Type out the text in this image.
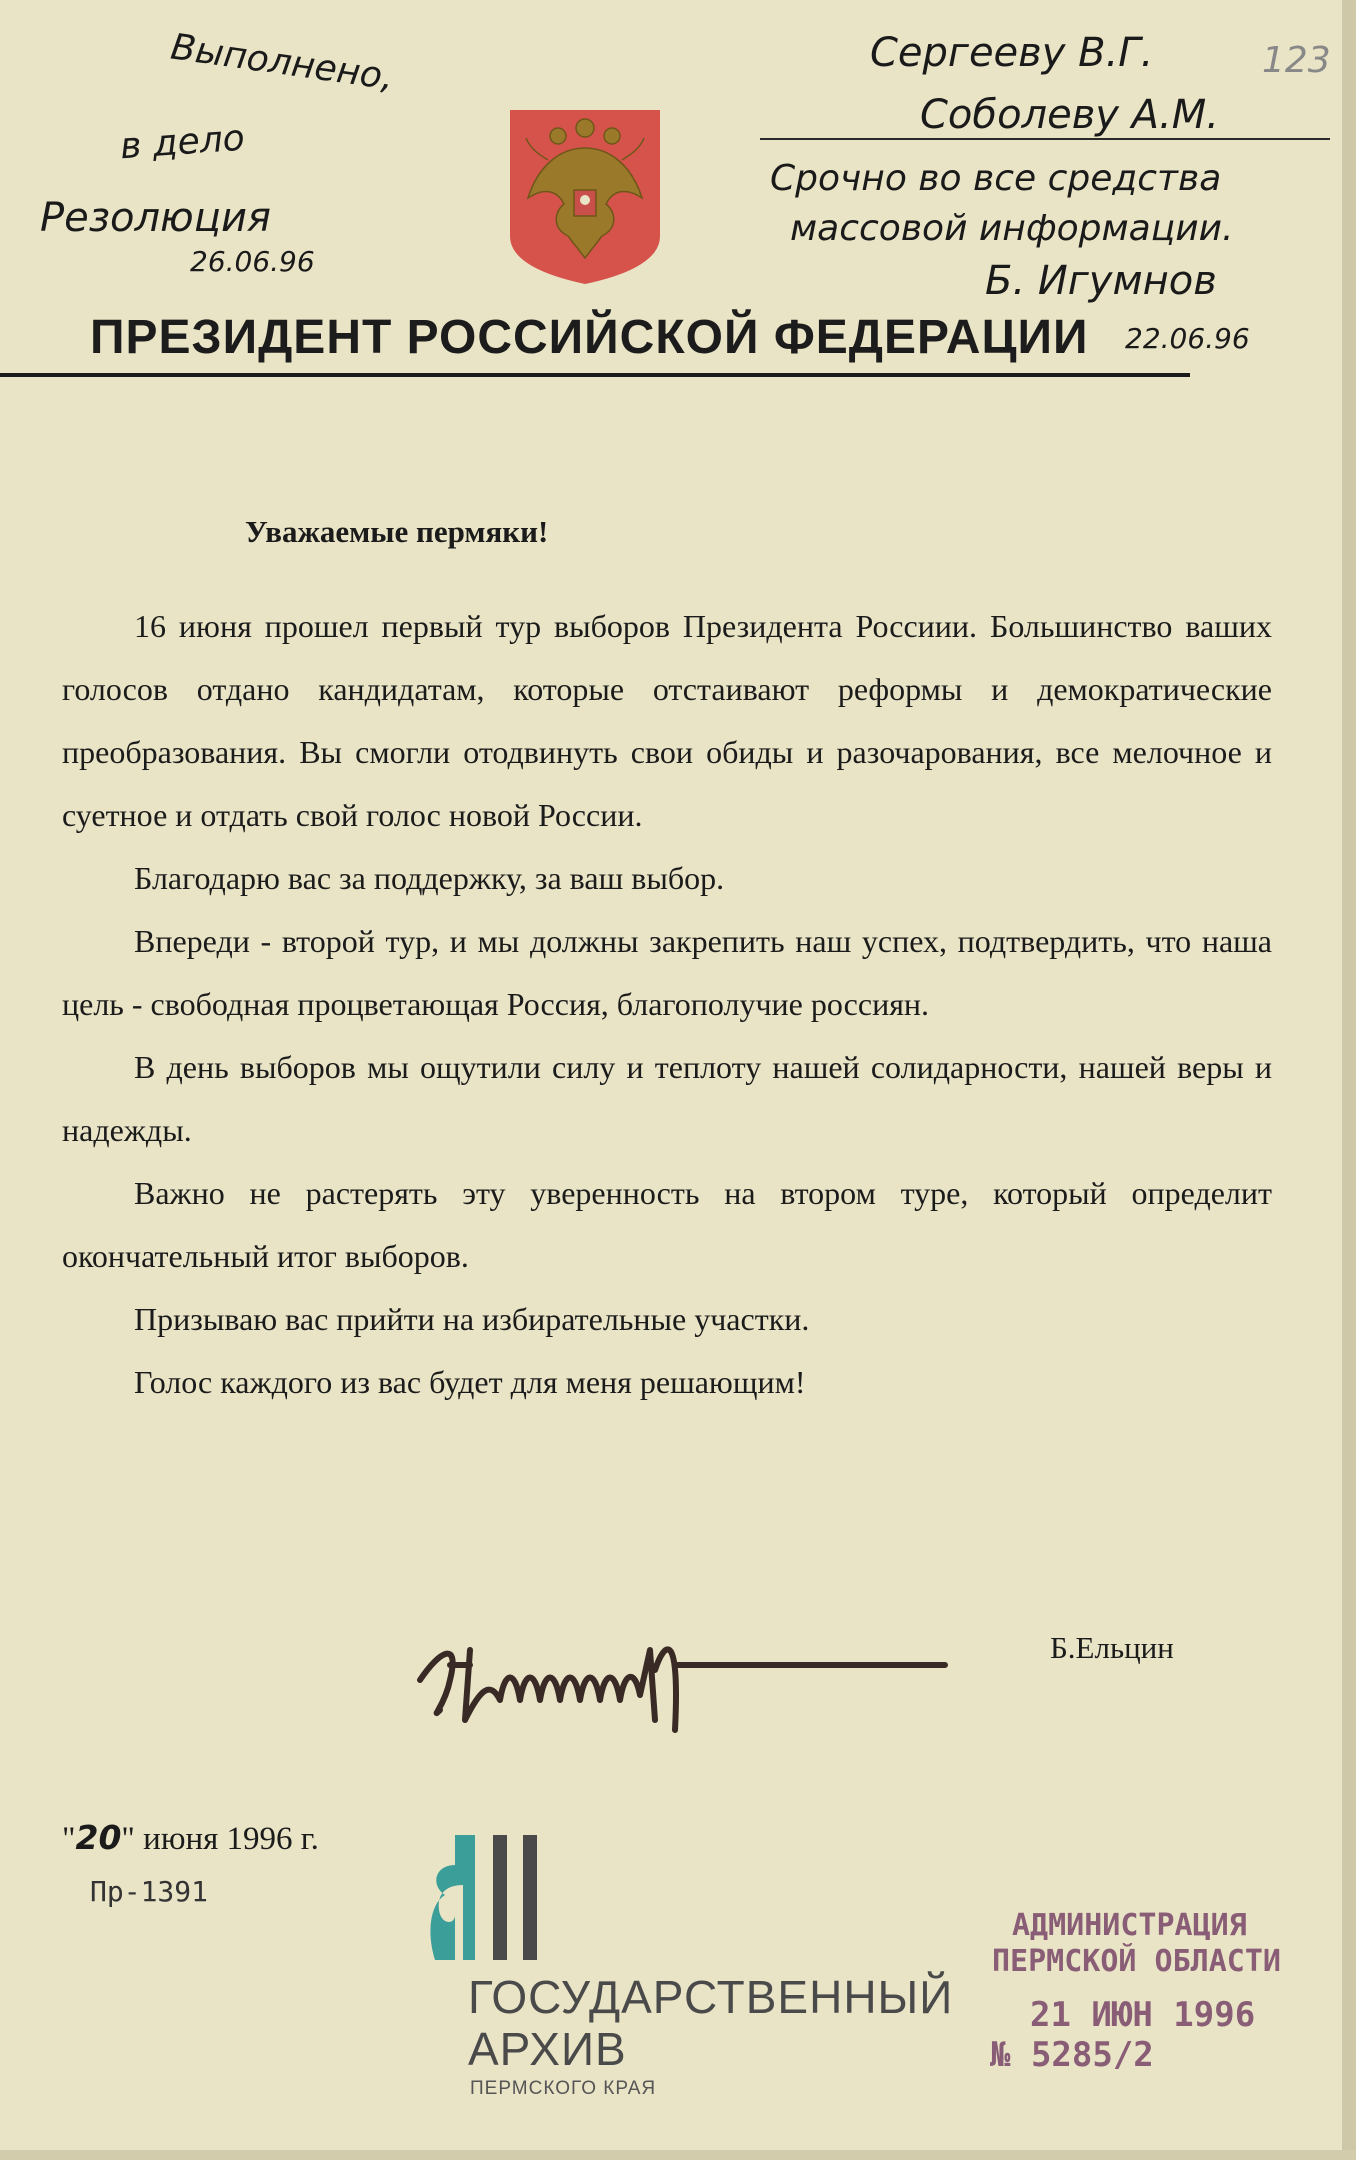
Выполнено,
в дело
Резолюция
26.06.96
Сергееву В.Г.	123
Соболеву А.М.
Срочно во все средства
массовой информации.
Б. Игумнов
22.06.96
ПРЕЗИДЕНТ РОССИЙСКОЙ ФЕДЕРАЦИИ
Уважаемые пермяки!

16 июня прошел первый тур выборов Президента Россиии. Большинство ваших голосов отдано кандидатам, которые отстаивают реформы и демократические преобразования. Вы смогли отодвинуть свои обиды и разочарования, все мелочное и суетное и отдать свой голос новой России.

Благодарю вас за поддержку, за ваш выбор.

Впереди - второй тур, и мы должны закрепить наш успех, подтвердить, что наша цель - свободная процветающая Россия, благополучие россиян.

В день выборов мы ощутили силу и теплоту нашей солидарности, нашей веры и надежды.

Важно не растерять эту уверенность на втором туре, который определит окончательный итог выборов.

Призываю вас прийти на избирательные участки.

Голос каждого из вас будет для меня решающим!

Б.Ельцин
"20" июня 1996 г.
Пр-1391
ГОСУДАРСТВЕННЫЙ
АРХИВ
ПЕРМСКОГО КРАЯ
АДМИНИСТРАЦИЯ
ПЕРМСКОЙ ОБЛАСТИ
21 ИЮН 1996
№ 5285/2
